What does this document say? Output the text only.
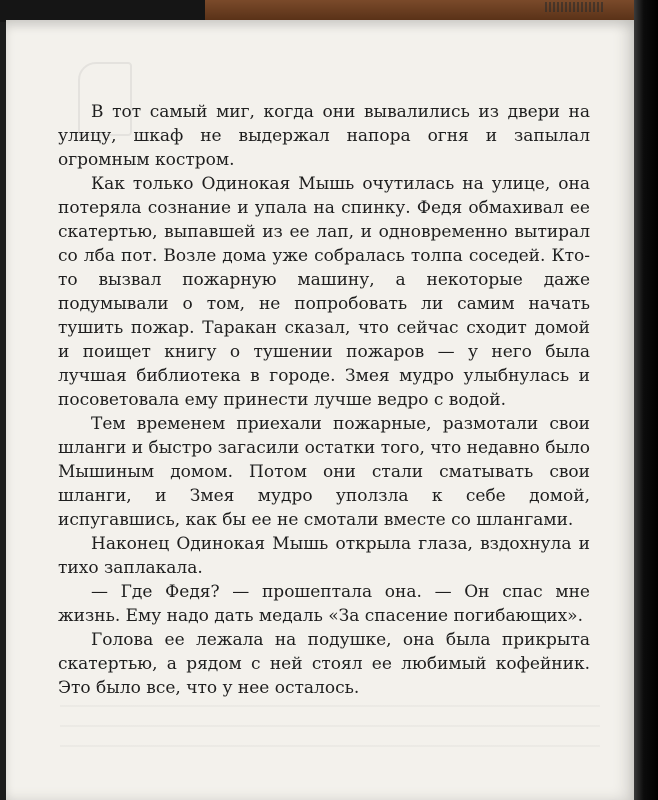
В тот самый миг, когда они вывалились из двери на улицу, шкаф не выдержал напора огня и запылал огромным костром.

Как только Одинокая Мышь очутилась на улице, она потеряла сознание и упала на спинку. Федя обмахивал ее скатертью, выпавшей из ее лап, и одновременно вытирал со лба пот. Возле дома уже собралась толпа соседей. Кто-то вызвал пожарную машину, а некоторые даже подумывали о том, не попробовать ли самим начать тушить пожар. Таракан сказал, что сейчас сходит домой и поищет книгу о тушении пожаров — у него была лучшая библиотека в городе. Змея мудро улыбнулась и посоветовала ему принести лучше ведро с водой.

Тем временем приехали пожарные, размотали свои шланги и быстро загасили остатки того, что недавно было Мышиным домом. Потом они стали сматывать свои шланги, и Змея мудро уползла к себе домой, испугавшись, как бы ее не смотали вместе со шлангами.

Наконец Одинокая Мышь открыла глаза, вздохнула и тихо заплакала.

— Где Федя? — прошептала она. — Он спас мне жизнь. Ему надо дать медаль «За спасение погибающих».

Голова ее лежала на подушке, она была прикрыта скатертью, а рядом с ней стоял ее любимый кофейник. Это было все, что у нее осталось.
